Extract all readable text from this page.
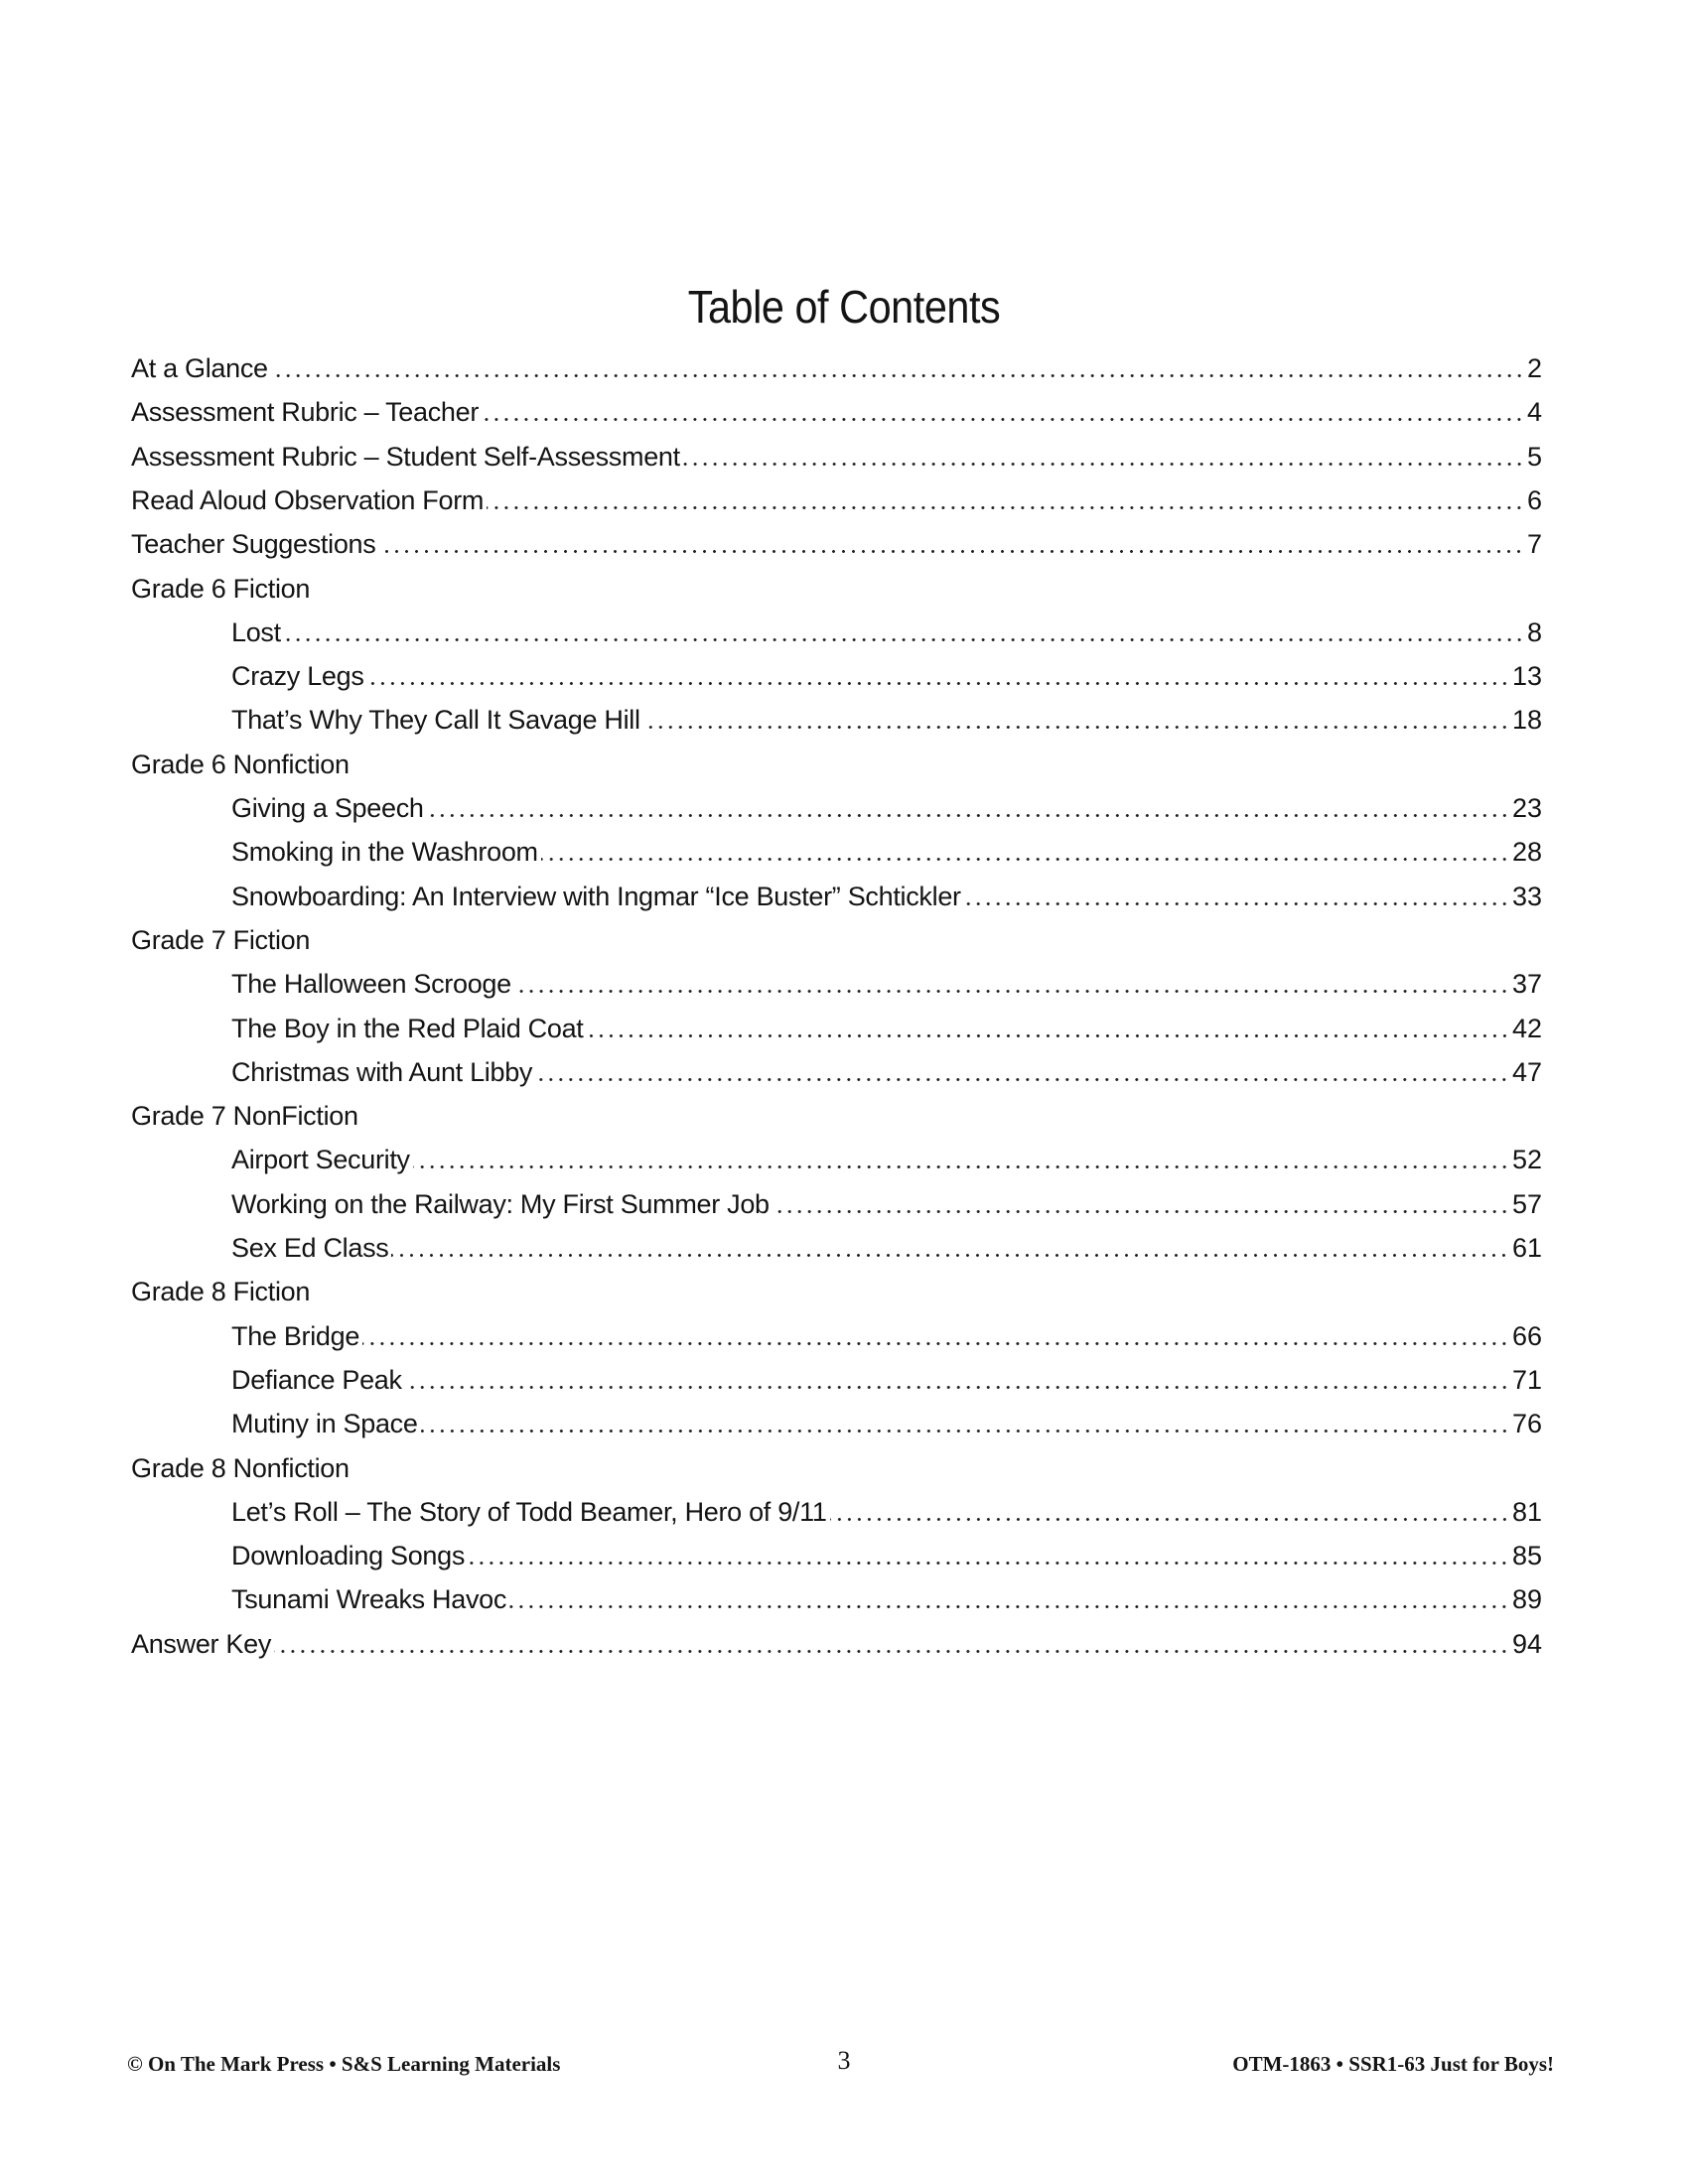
Table of Contents
At a Glance	2
Assessment Rubric – Teacher	4
Assessment Rubric – Student Self-Assessment	5
Read Aloud Observation Form	6
Teacher Suggestions	7
Grade 6 Fiction
Lost	8
Crazy Legs	13
That’s Why They Call It Savage Hill	18
Grade 6 Nonfiction
Giving a Speech	23
Smoking in the Washroom	28
Snowboarding: An Interview with Ingmar “Ice Buster” Schtickler	33
Grade 7 Fiction
The Halloween Scrooge	37
The Boy in the Red Plaid Coat	42
Christmas with Aunt Libby	47
Grade 7 NonFiction
Airport Security	52
Working on the Railway: My First Summer Job	57
Sex Ed Class	61
Grade 8 Fiction
The Bridge	66
Defiance Peak	71
Mutiny in Space	76
Grade 8 Nonfiction
Let’s Roll – The Story of Todd Beamer, Hero of 9/11	81
Downloading Songs	85
Tsunami Wreaks Havoc	89
Answer Key	94
© On The Mark Press • S&S Learning Materials	3	OTM-1863 • SSR1-63 Just for Boys!
